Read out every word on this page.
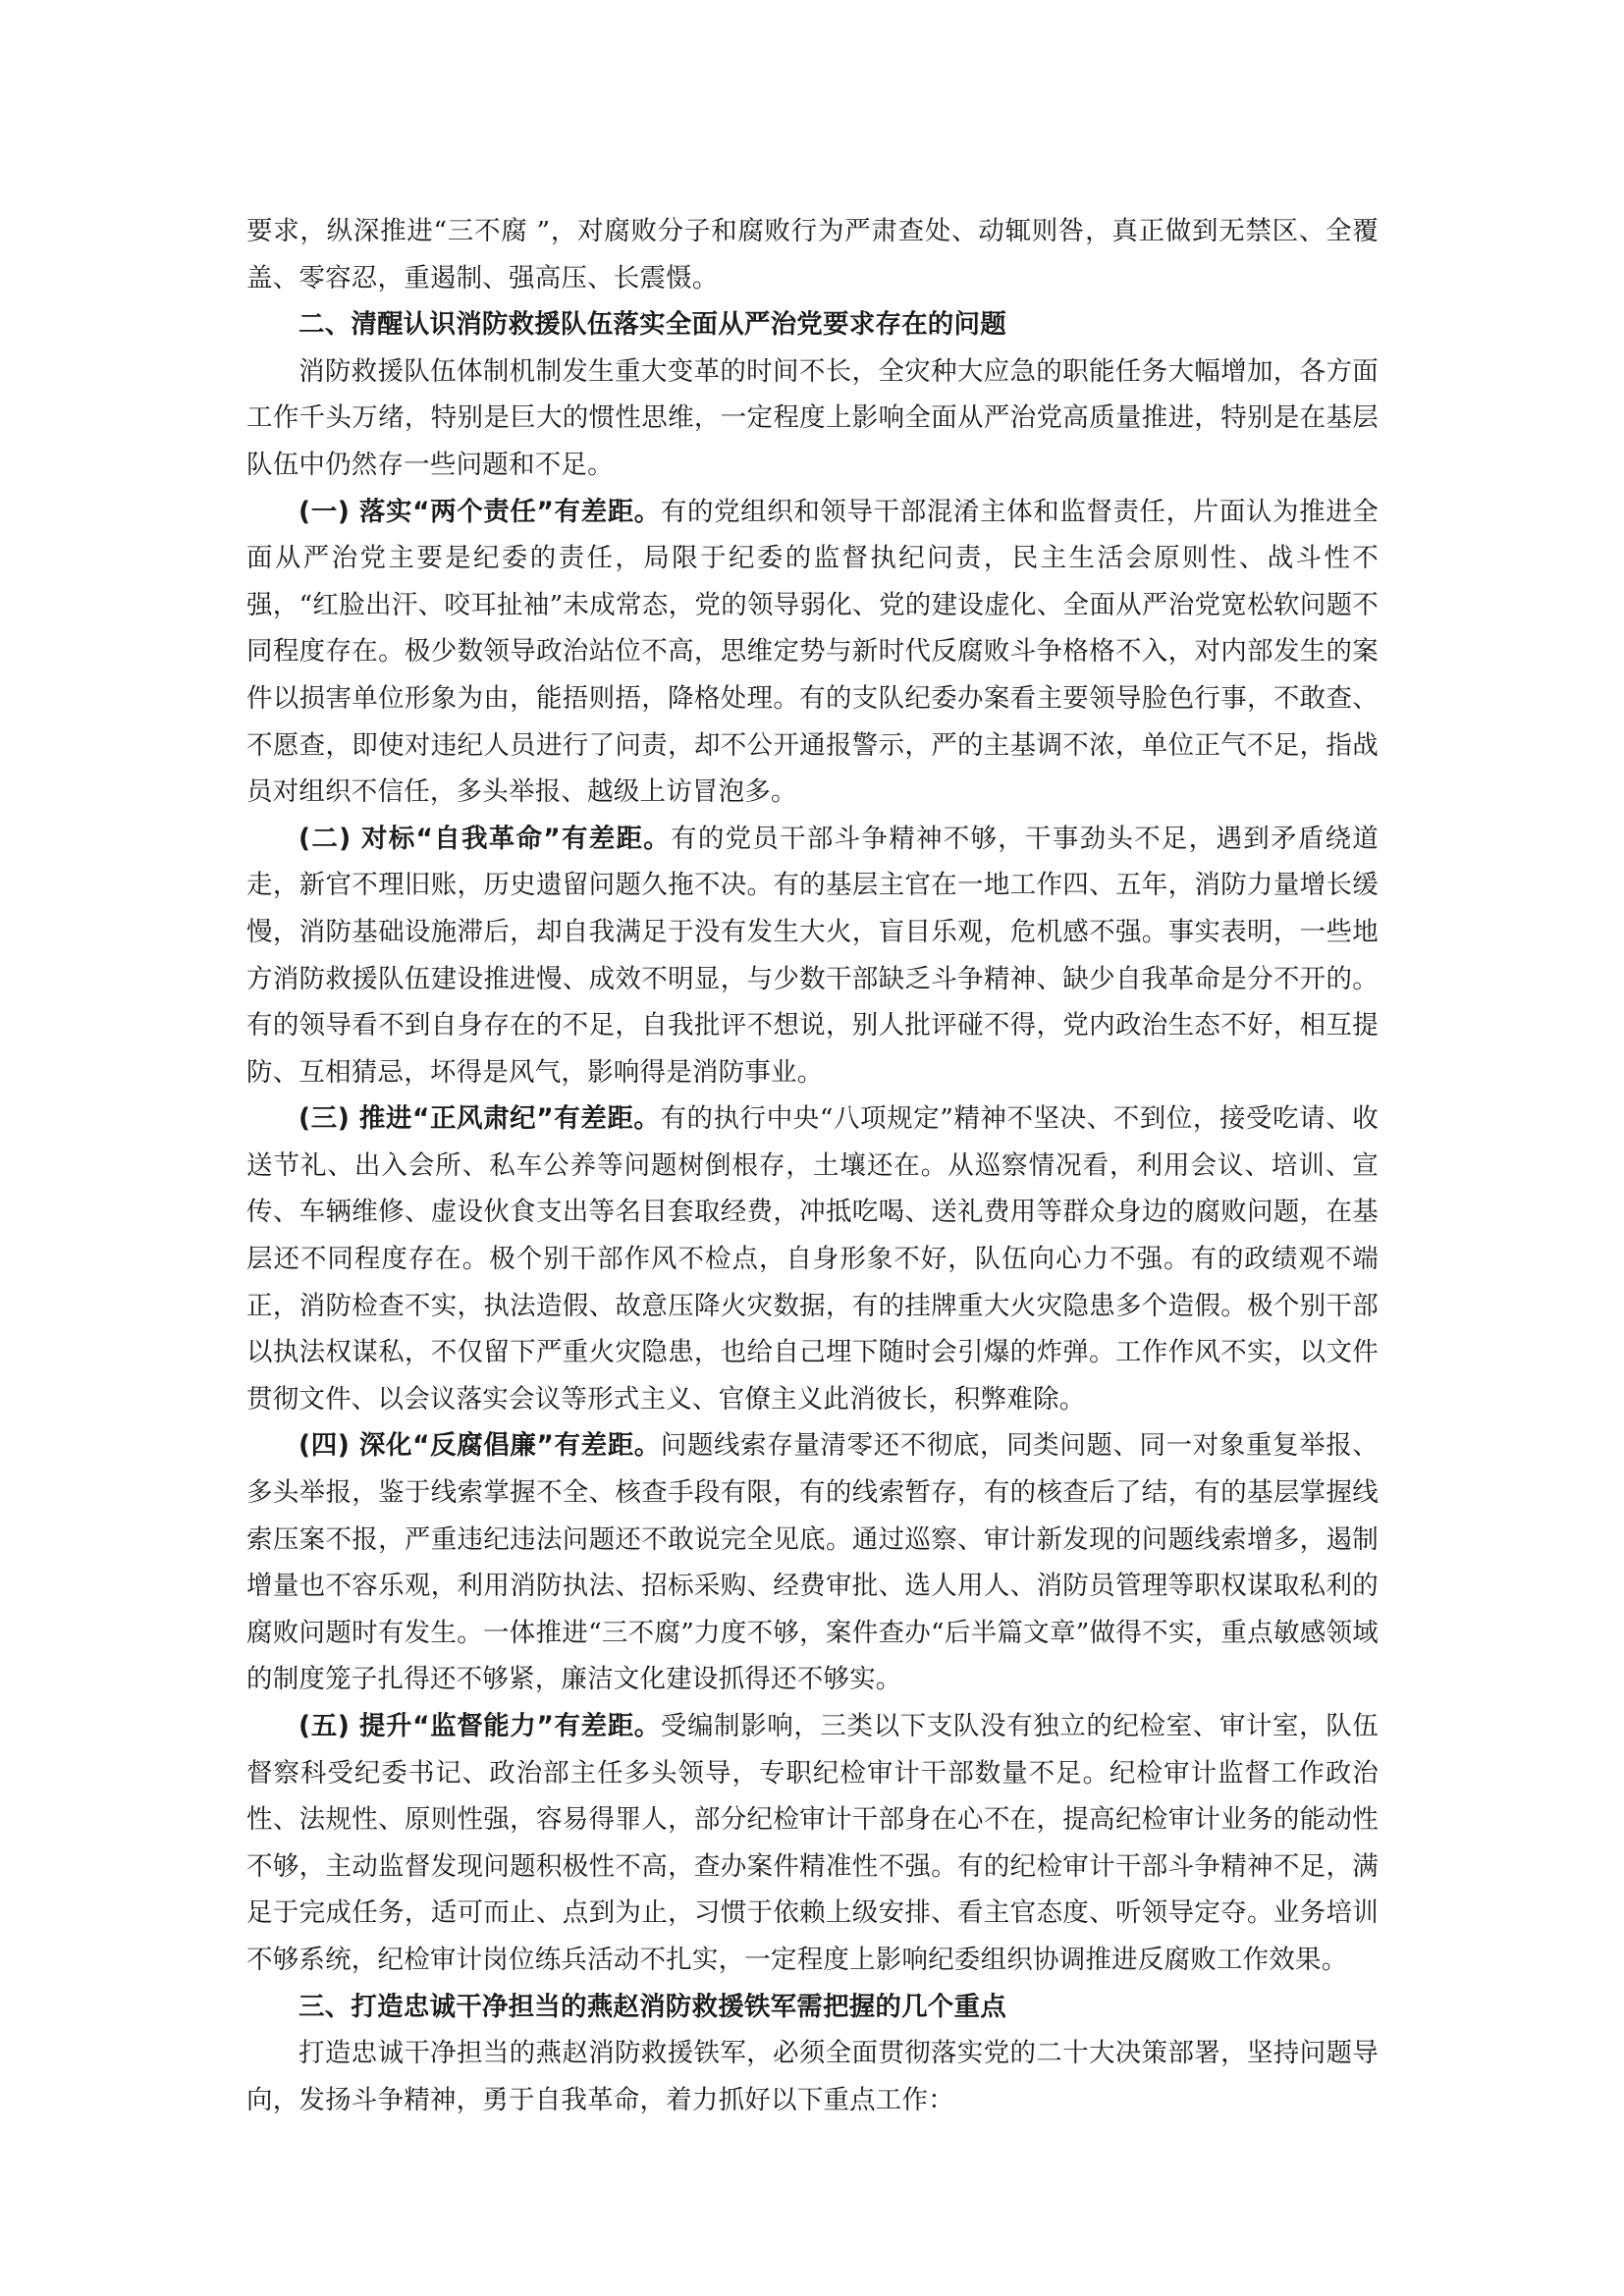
要求，纵深推进“三不腐 ”，对腐败分子和腐败行为严肃查处、动辄则咎，真正做到无禁区、全覆盖、零容忍，重遏制、强高压、长震慑。

二、清醒认识消防救援队伍落实全面从严治党要求存在的问题

消防救援队伍体制机制发生重大变革的时间不长，全灾种大应急的职能任务大幅增加，各方面工作千头万绪，特别是巨大的惯性思维，一定程度上影响全面从严治党高质量推进，特别是在基层队伍中仍然存一些问题和不足。

(一) 落实“两个责任”有差距。有的党组织和领导干部混淆主体和监督责任，片面认为推进全面从严治党主要是纪委的责任，局限于纪委的监督执纪问责，民主生活会原则性、战斗性不强，“红脸出汗、咬耳扯袖”未成常态，党的领导弱化、党的建设虚化、全面从严治党宽松软问题不同程度存在。极少数领导政治站位不高，思维定势与新时代反腐败斗争格格不入，对内部发生的案件以损害单位形象为由，能捂则捂，降格处理。有的支队纪委办案看主要领导脸色行事，不敢查、不愿查，即使对违纪人员进行了问责，却不公开通报警示，严的主基调不浓，单位正气不足，指战员对组织不信任，多头举报、越级上访冒泡多。

(二) 对标“自我革命”有差距。有的党员干部斗争精神不够，干事劲头不足，遇到矛盾绕道走，新官不理旧账，历史遗留问题久拖不决。有的基层主官在一地工作四、五年，消防力量增长缓慢，消防基础设施滞后，却自我满足于没有发生大火，盲目乐观，危机感不强。事实表明，一些地方消防救援队伍建设推进慢、成效不明显，与少数干部缺乏斗争精神、缺少自我革命是分不开的。有的领导看不到自身存在的不足，自我批评不想说，别人批评碰不得，党内政治生态不好，相互提防、互相猜忌，坏得是风气，影响得是消防事业。

(三) 推进“正风肃纪”有差距。有的执行中央“八项规定”精神不坚决、不到位，接受吃请、收送节礼、出入会所、私车公养等问题树倒根存，土壤还在。从巡察情况看，利用会议、培训、宣传、车辆维修、虚设伙食支出等名目套取经费，冲抵吃喝、送礼费用等群众身边的腐败问题，在基层还不同程度存在。极个别干部作风不检点，自身形象不好，队伍向心力不强。有的政绩观不端正，消防检查不实，执法造假、故意压降火灾数据，有的挂牌重大火灾隐患多个造假。极个别干部以执法权谋私，不仅留下严重火灾隐患，也给自己埋下随时会引爆的炸弹。工作作风不实，以文件贯彻文件、以会议落实会议等形式主义、官僚主义此消彼长，积弊难除。

(四) 深化“反腐倡廉”有差距。问题线索存量清零还不彻底，同类问题、同一对象重复举报、多头举报，鉴于线索掌握不全、核查手段有限，有的线索暂存，有的核查后了结，有的基层掌握线索压案不报，严重违纪违法问题还不敢说完全见底。通过巡察、审计新发现的问题线索增多，遏制增量也不容乐观，利用消防执法、招标采购、经费审批、选人用人、消防员管理等职权谋取私利的腐败问题时有发生。一体推进“三不腐”力度不够，案件查办“后半篇文章”做得不实，重点敏感领域的制度笼子扎得还不够紧，廉洁文化建设抓得还不够实。

(五) 提升“监督能力”有差距。受编制影响，三类以下支队没有独立的纪检室、审计室，队伍督察科受纪委书记、政治部主任多头领导，专职纪检审计干部数量不足。纪检审计监督工作政治性、法规性、原则性强，容易得罪人，部分纪检审计干部身在心不在，提高纪检审计业务的能动性不够，主动监督发现问题积极性不高，查办案件精准性不强。有的纪检审计干部斗争精神不足，满足于完成任务，适可而止、点到为止，习惯于依赖上级安排、看主官态度、听领导定夺。业务培训不够系统，纪检审计岗位练兵活动不扎实，一定程度上影响纪委组织协调推进反腐败工作效果。

三、打造忠诚干净担当的燕赵消防救援铁军需把握的几个重点

打造忠诚干净担当的燕赵消防救援铁军，必须全面贯彻落实党的二十大决策部署，坚持问题导向，发扬斗争精神，勇于自我革命，着力抓好以下重点工作：
